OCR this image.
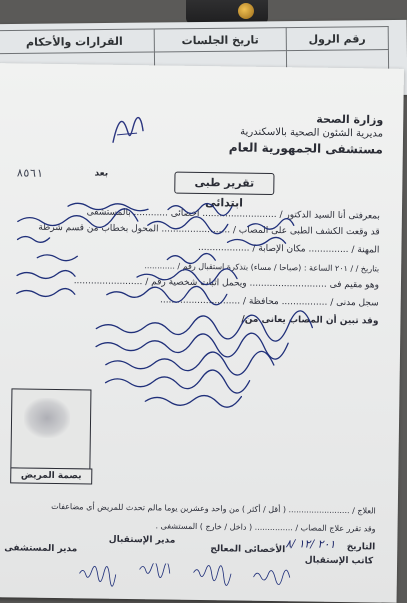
رقم الرول	تاريخ الجلسات	القرارات والأحكام

وزارة الصحة
مديرية الشئون الصحية بالاسكندرية
مستشفى الجمهورية العام
بعد
٨٥٦١
تقرير طبى ابتدائى
بمعرفتى أنا السيد الدكتور / .......................... اخصائى ............ بالمستشفى
قد وقعت الكشف الطبى على المصاب / ........................ المحول بخطاب من قسم شرطة
المهنة / .............. مكان الإصابة / ..................
بتاريخ / / ٢٠١ الساعة : (صباحا / مساء) بتذكرة استقبال رقم / ............
وهو مقيم فى ........................... ويحمل اثبات شخصية رقم / ........................
سجل مدنى / ................ محافظة / ............................
وقد تبين أن المصاب يعانى من/
بصمة المريض
العلاج / ........................ ( أقل / أكثر ) من واحد وعشرين يوما مالم تحدث للمريض أى مضاعفات
وقد تقرر علاج المصاب / ............... ( داخل / خارج ) المستشفى .
التاريخ
٢٠١ /١٢ /٨
كاتب الإستقبال
الأخصائى المعالج
مدير الإستقبال
مدير المستشفى
